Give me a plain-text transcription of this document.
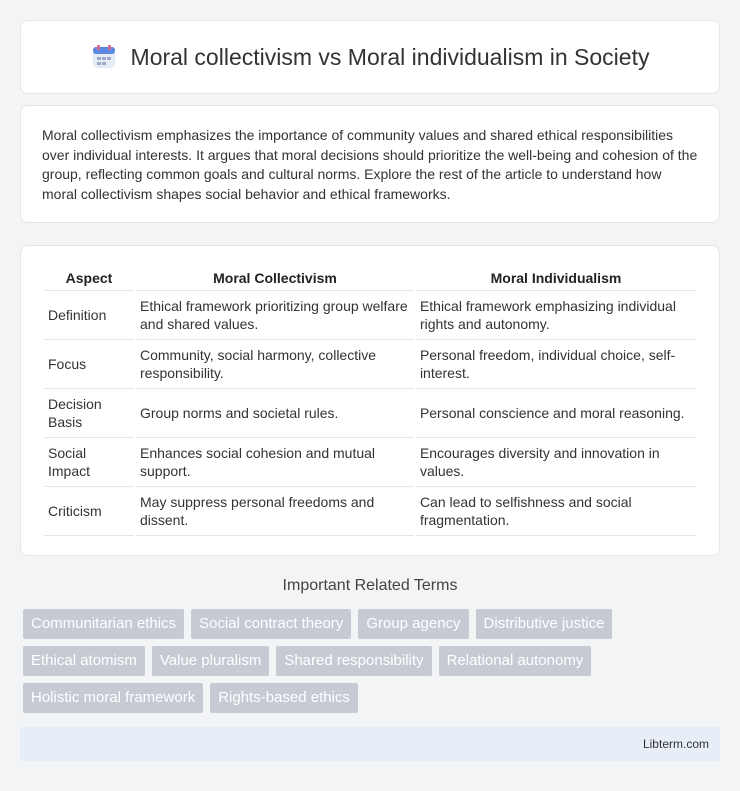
Moral collectivism vs Moral individualism in Society

Moral collectivism emphasizes the importance of community values and shared ethical responsibilities over individual interests. It argues that moral decisions should prioritize the well-being and cohesion of the group, reflecting common goals and cultural norms. Explore the rest of the article to understand how moral collectivism shapes social behavior and ethical frameworks.

Aspect	Moral Collectivism	Moral Individualism
Definition	Ethical framework prioritizing group welfare and shared values.	Ethical framework emphasizing individual rights and autonomy.
Focus	Community, social harmony, collective responsibility.	Personal freedom, individual choice, self-interest.
Decision Basis	Group norms and societal rules.	Personal conscience and moral reasoning.
Social Impact	Enhances social cohesion and mutual support.	Encourages diversity and innovation in values.
Criticism	May suppress personal freedoms and dissent.	Can lead to selfishness and social fragmentation.
Important Related Terms
Communitarian ethics	Social contract theory	Group agency	Distributive justice
Ethical atomism	Value pluralism	Shared responsibility	Relational autonomy
Holistic moral framework	Rights-based ethics
Libterm.com
